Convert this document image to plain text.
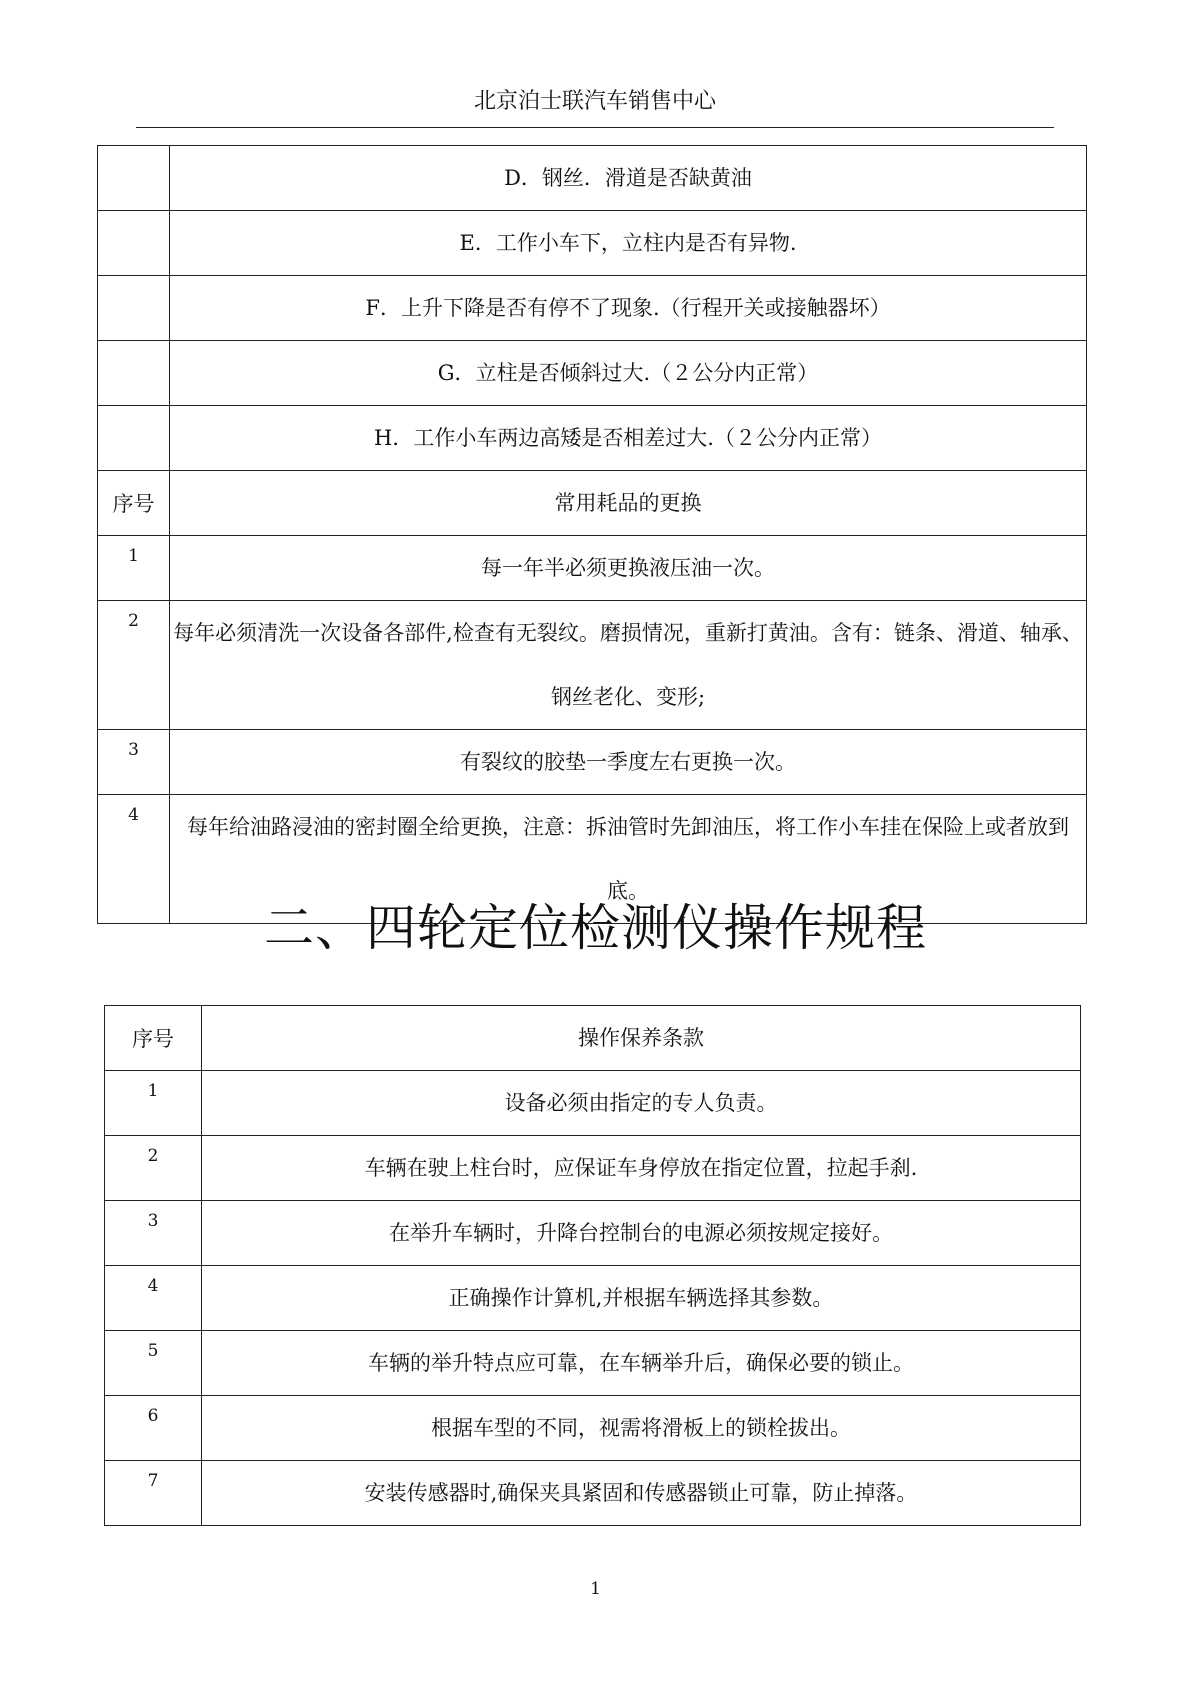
北京泊士联汽车销售中心
	D．钢丝．滑道是否缺黄油
	E．工作小车下，立柱内是否有异物.
	F．上升下降是否有停不了现象.（行程开关或接触器坏）
	G．立柱是否倾斜过大.（２公分内正常）
	H．工作小车两边高矮是否相差过大.（２公分内正常）
序号	常用耗品的更换
1	每一年半必须更换液压油一次。
2	每年必须清洗一次设备各部件,检查有无裂纹。磨损情况，重新打黄油。含有：链条、滑道、轴承、钢丝老化、变形;
3	有裂纹的胶垫一季度左右更换一次。
4	每年给油路浸油的密封圈全给更换，注意：拆油管时先卸油压，将工作小车挂在保险上或者放到底。
二、四轮定位检测仪操作规程
序号	操作保养条款
1	设备必须由指定的专人负责。
2	车辆在驶上柱台时，应保证车身停放在指定位置，拉起手刹.
3	在举升车辆时，升降台控制台的电源必须按规定接好。
4	正确操作计算机,并根据车辆选择其参数。
5	车辆的举升特点应可靠，在车辆举升后，确保必要的锁止。
6	根据车型的不同，视需将滑板上的锁栓拔出。
7	安装传感器时,确保夹具紧固和传感器锁止可靠，防止掉落。
1
